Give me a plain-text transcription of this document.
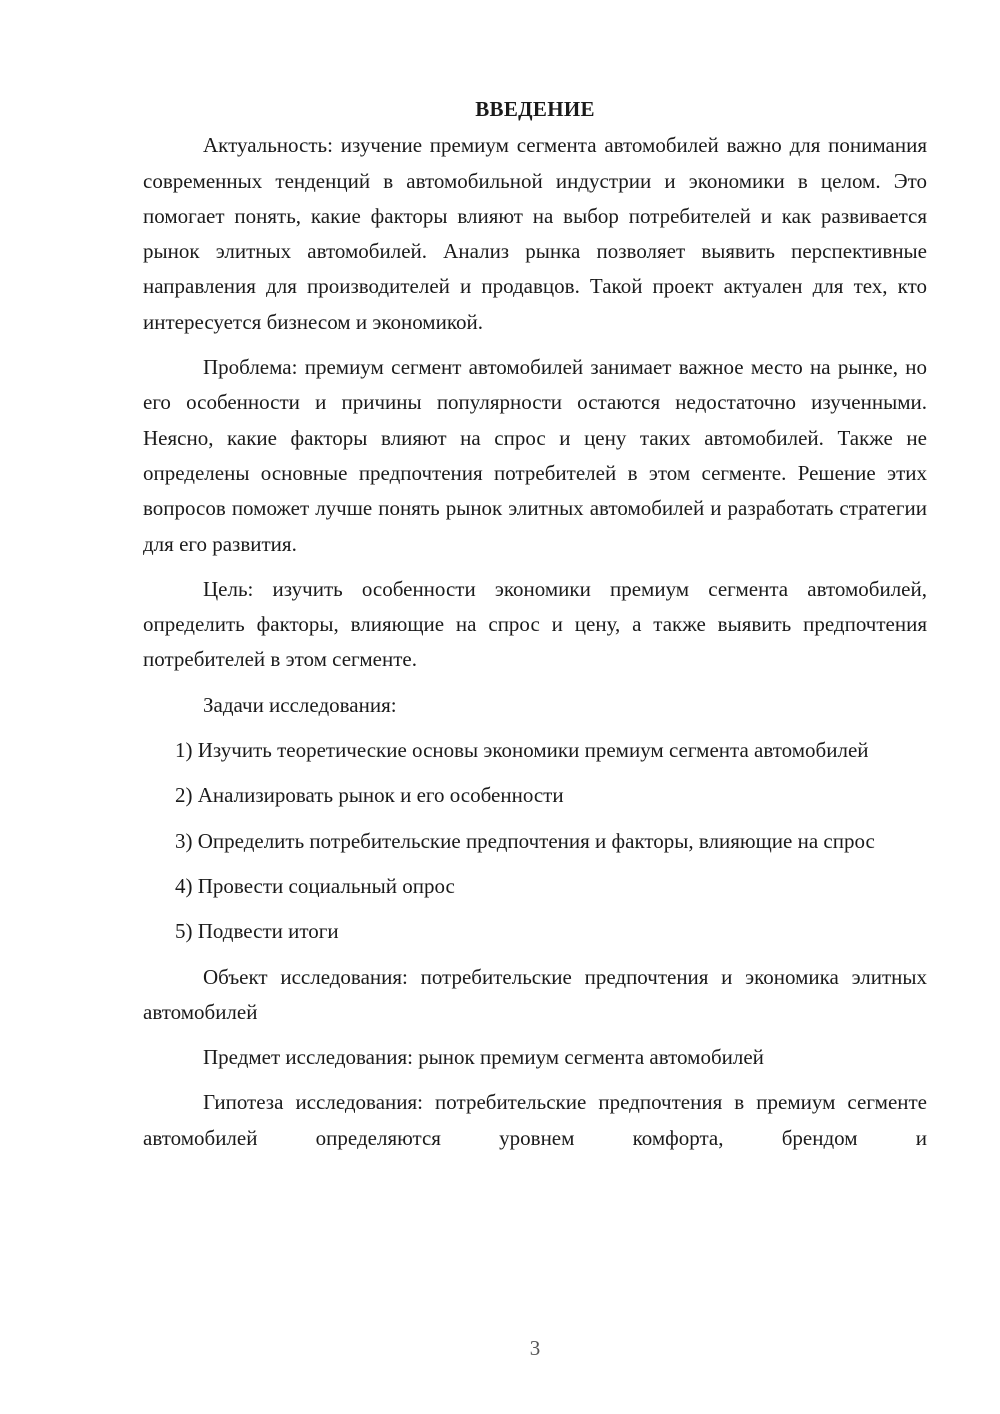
ВВЕДЕНИЕ

Актуальность: изучение премиум сегмента автомобилей важно для понимания современных тенденций в автомобильной индустрии и экономики в целом. Это помогает понять, какие факторы влияют на выбор потребителей и как развивается рынок элитных автомобилей. Анализ рынка позволяет выявить перспективные направления для производителей и продавцов. Такой проект актуален для тех, кто интересуется бизнесом и экономикой.

Проблема: премиум сегмент автомобилей занимает важное место на рынке, но его особенности и причины популярности остаются недостаточно изученными. Неясно, какие факторы влияют на спрос и цену таких автомобилей. Также не определены основные предпочтения потребителей в этом сегменте. Решение этих вопросов поможет лучше понять рынок элитных автомобилей и разработать стратегии для его развития.

Цель: изучить особенности экономики премиум сегмента автомобилей, определить факторы, влияющие на спрос и цену, а также выявить предпочтения потребителей в этом сегменте.

Задачи исследования:

1) Изучить теоретические основы экономики премиум сегмента автомобилей

2) Анализировать рынок и его особенности

3) Определить потребительские предпочтения и факторы, влияющие на спрос

4) Провести социальный опрос

5) Подвести итоги

Объект исследования: потребительские предпочтения и экономика элитных автомобилей

Предмет исследования: рынок премиум сегмента автомобилей

Гипотеза исследования: потребительские предпочтения в премиум сегменте автомобилей определяются уровнем комфорта, брендом и

3
